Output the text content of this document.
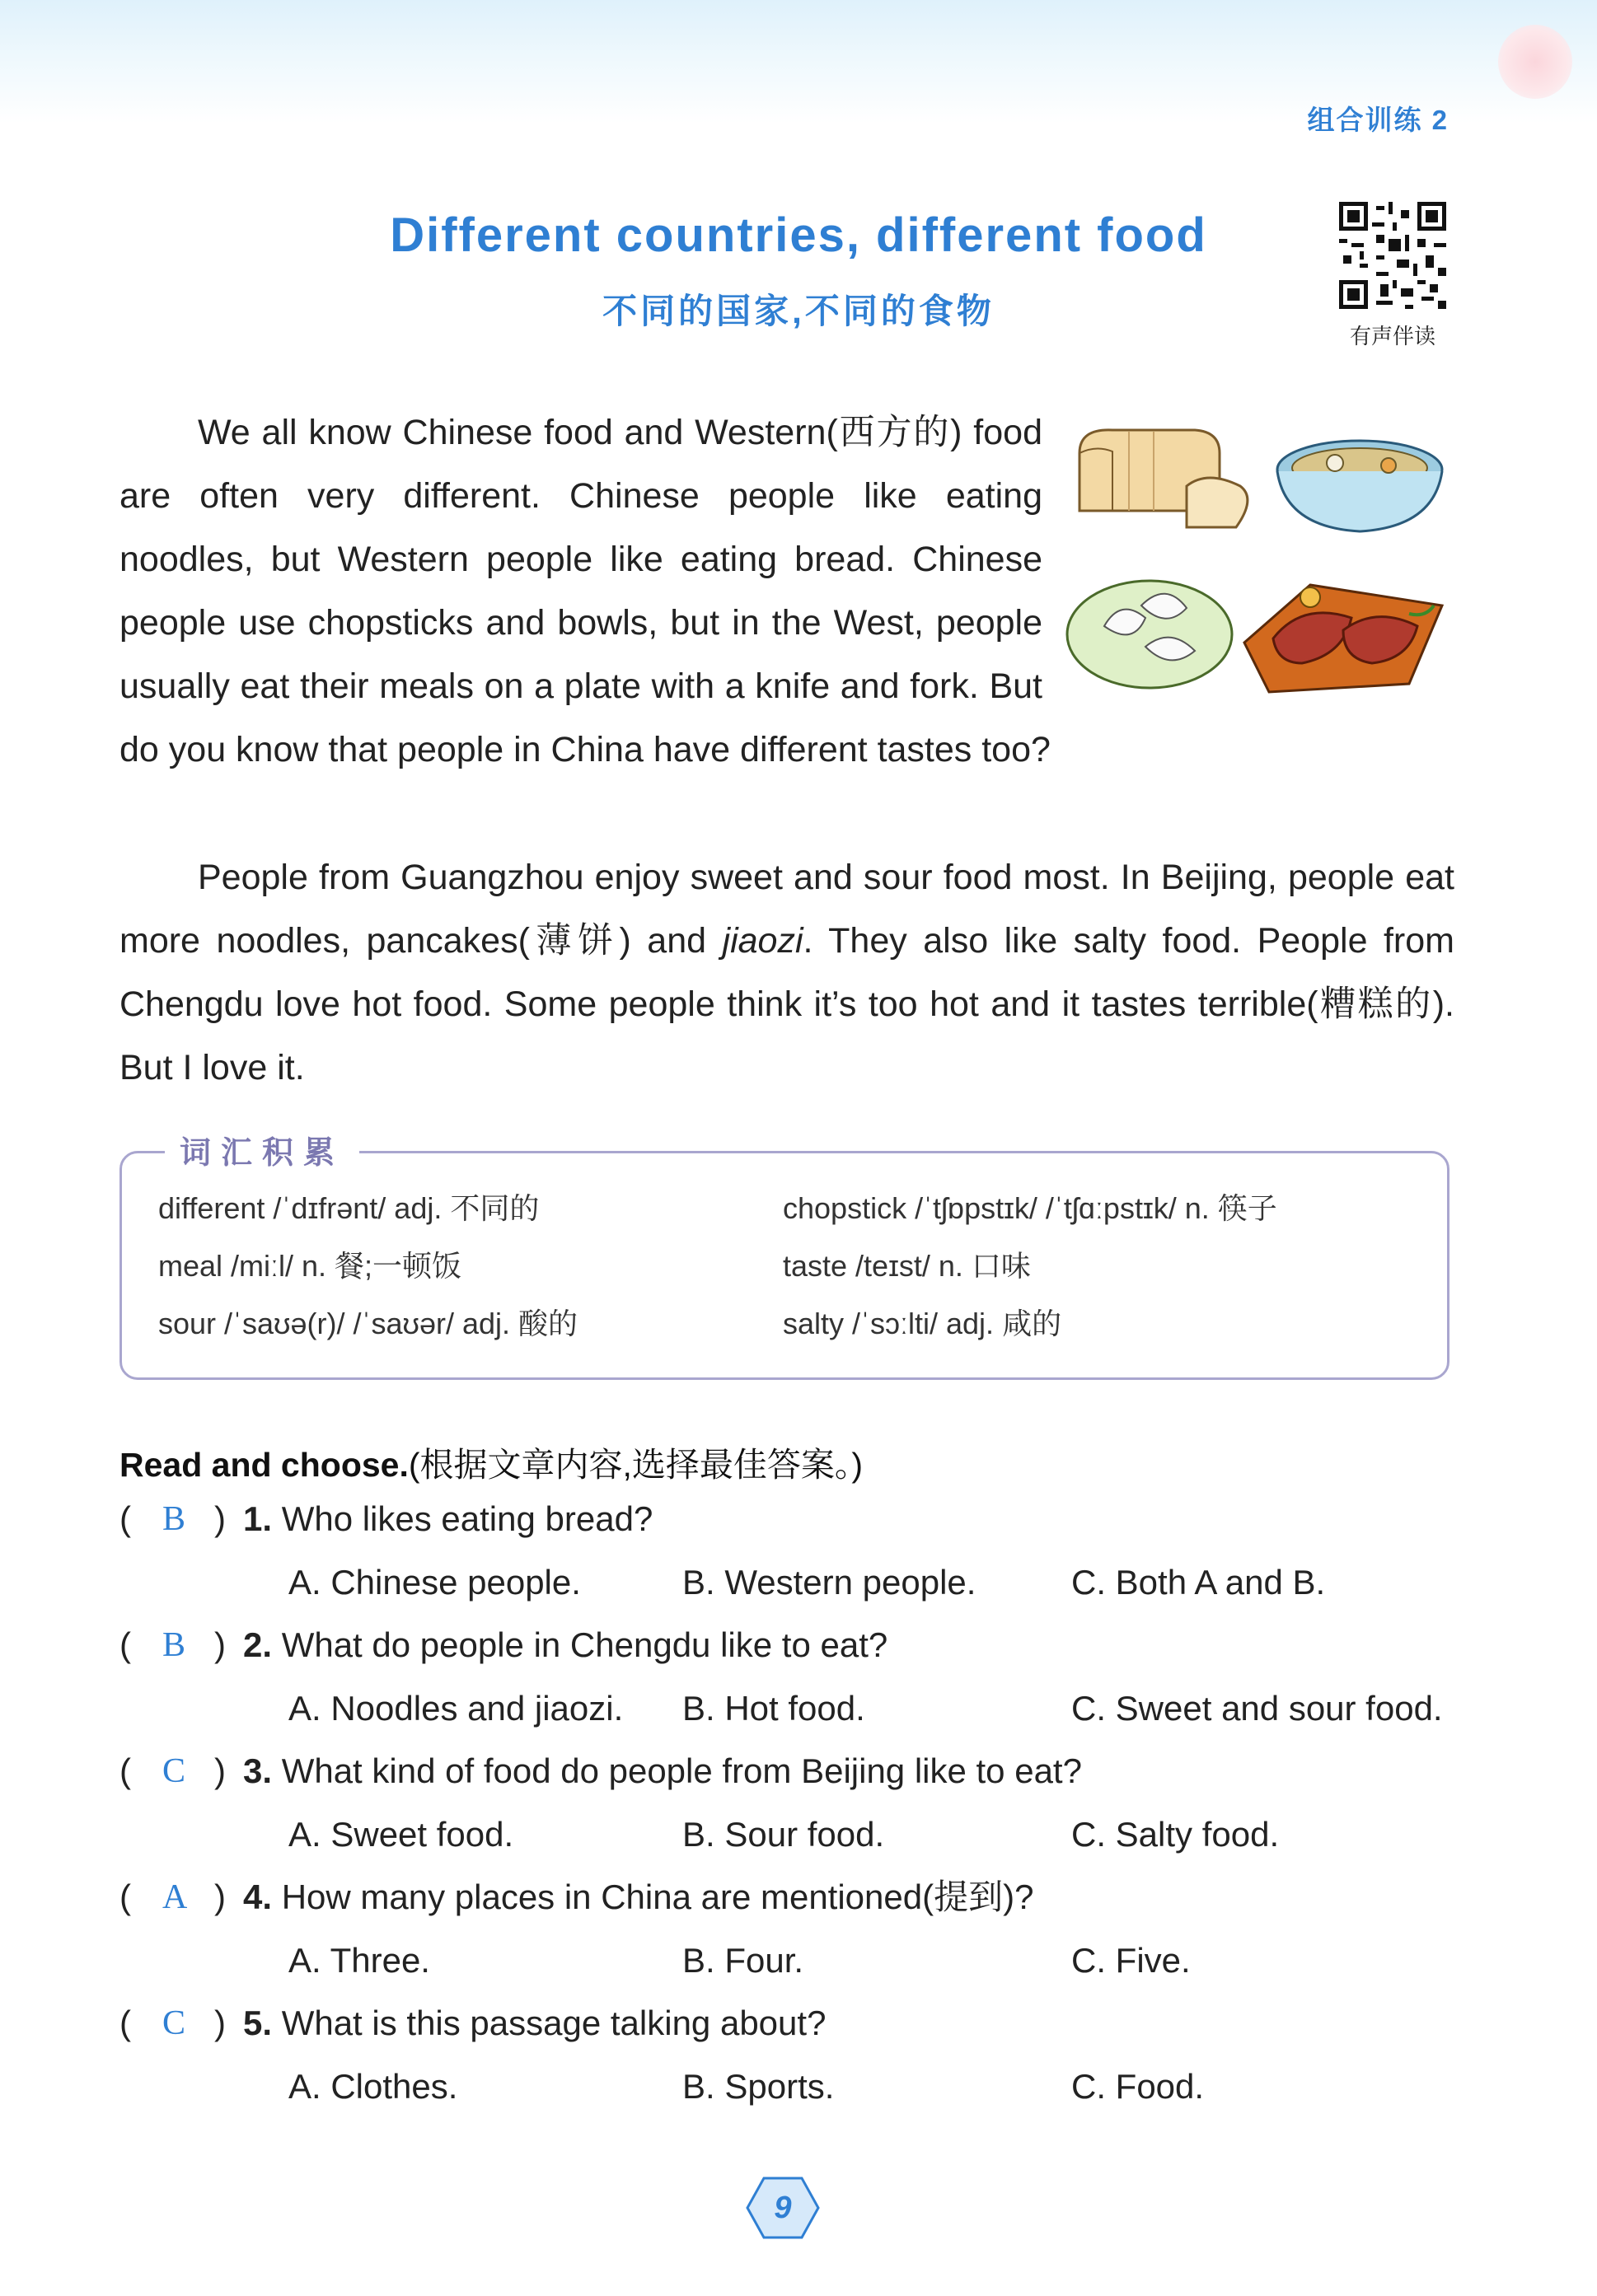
组合训练 2
Different countries, different food
不同的国家,不同的食物
有声伴读

We all know Chinese food and Western(西方的) food are often very different. Chinese people like eating noodles, but Western people like eating bread. Chinese people use chopsticks and bowls, but in the West, people usually eat their meals on a plate with a knife and fork. But do you know that people in China have different tastes too?

People from Guangzhou enjoy sweet and sour food most. In Beijing, people eat more noodles, pancakes(薄饼) and jiaozi. They also like salty food. People from Chengdu love hot food. Some people think it’s too hot and it tastes terrible(糟糕的). But I love it.

词汇积累
different /ˈdɪfrənt/ adj. 不同的
meal /miːl/ n. 餐;一顿饭
sour /ˈsaʊə(r)/ /ˈsaʊər/ adj. 酸的
chopstick /ˈtʃɒpstɪk/ /ˈtʃɑːpstɪk/ n. 筷子
taste /teɪst/ n. 口味
salty /ˈsɔːlti/ adj. 咸的
Read and choose.(根据文章内容,选择最佳答案。)
( B ) 1. Who likes eating bread?
A. Chinese people.	B. Western people.	C. Both A and B.
( B ) 2. What do people in Chengdu like to eat?
A. Noodles and jiaozi. B. Hot food.	C. Sweet and sour food.
( C ) 3. What kind of food do people from Beijing like to eat?
A. Sweet food.	B. Sour food.	C. Salty food.
( A ) 4. How many places in China are mentioned(提到)?
A. Three.	B. Four.	C. Five.
( C ) 5. What is this passage talking about?
A. Clothes.	B. Sports.	C. Food.
9
